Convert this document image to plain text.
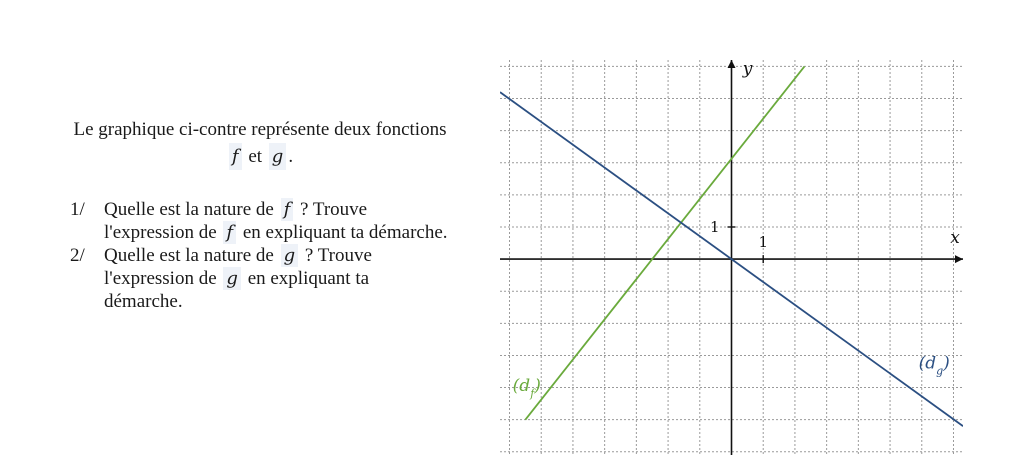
Le graphique ci-contre représente deux fonctions
f et g .
1/	Quelle est la nature de f ? Trouve l'expression de f en expliquant ta démarche.
2/	Quelle est la nature de g ? Trouve l'expression de g en expliquant ta démarche.
1
1
x
y
$(d_f)$
$(d_g)$
